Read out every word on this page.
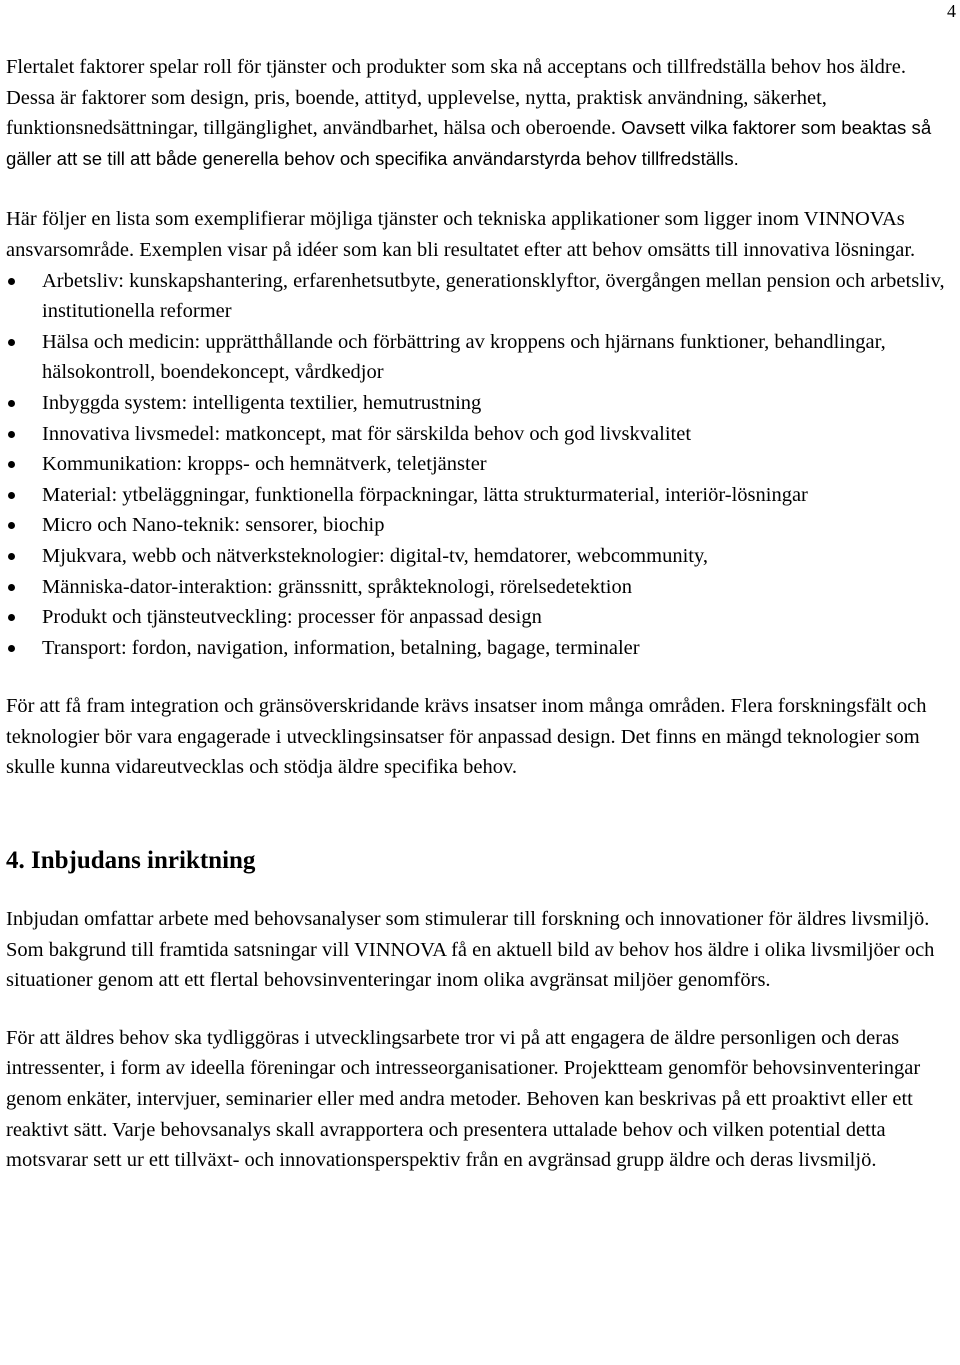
4

Flertalet faktorer spelar roll för tjänster och produkter som ska nå acceptans och tillfredställa behov hos äldre. Dessa är faktorer som design, pris, boende, attityd, upplevelse, nytta, praktisk användning, säkerhet, funktionsnedsättningar, tillgänglighet, användbarhet, hälsa och oberoende. Oavsett vilka faktorer som beaktas så gäller att se till att både generella behov och specifika användarstyrda behov tillfredställs.

Här följer en lista som exemplifierar möjliga tjänster och tekniska applikationer som ligger inom VINNOVAs ansvarsområde. Exemplen visar på idéer som kan bli resultatet efter att behov omsätts till innovativa lösningar.

Arbetsliv: kunskapshantering, erfarenhetsutbyte, generationsklyftor, övergången mellan pension och arbetsliv, institutionella reformer
Hälsa och medicin: upprätthållande och förbättring av kroppens och hjärnans funktioner, behandlingar, hälsokontroll, boendekoncept, vårdkedjor
Inbyggda system: intelligenta textilier, hemutrustning
Innovativa livsmedel: matkoncept, mat för särskilda behov och god livskvalitet
Kommunikation: kropps- och hemnätverk, teletjänster
Material: ytbeläggningar, funktionella förpackningar, lätta strukturmaterial, interiör-lösningar
Micro och Nano-teknik: sensorer, biochip
Mjukvara, webb och nätverksteknologier: digital-tv, hemdatorer, webcommunity,
Människa-dator-interaktion: gränssnitt, språkteknologi, rörelsedetektion
Produkt och tjänsteutveckling: processer för anpassad design
Transport: fordon, navigation, information, betalning, bagage, terminaler

För att få fram integration och gränsöverskridande krävs insatser inom många områden. Flera forskningsfält och teknologier bör vara engagerade i utvecklingsinsatser för anpassad design. Det finns en mängd teknologier som skulle kunna vidareutvecklas och stödja äldre specifika behov.

4. Inbjudans inriktning

Inbjudan omfattar arbete med behovsanalyser som stimulerar till forskning och innovationer för äldres livsmiljö. Som bakgrund till framtida satsningar vill VINNOVA få en aktuell bild av behov hos äldre i olika livsmiljöer och situationer genom att ett flertal behovsinventeringar inom olika avgränsat miljöer genomförs.

För att äldres behov ska tydliggöras i utvecklingsarbete tror vi på att engagera de äldre personligen och deras intressenter, i form av ideella föreningar och intresseorganisationer. Projektteam genomför behovsinventeringar genom enkäter, intervjuer, seminarier eller med andra metoder. Behoven kan beskrivas på ett proaktivt eller ett reaktivt sätt. Varje behovsanalys skall avrapportera och presentera uttalade behov och vilken potential detta motsvarar sett ur ett tillväxt- och innovationsperspektiv från en avgränsad grupp äldre och deras livsmiljö.
